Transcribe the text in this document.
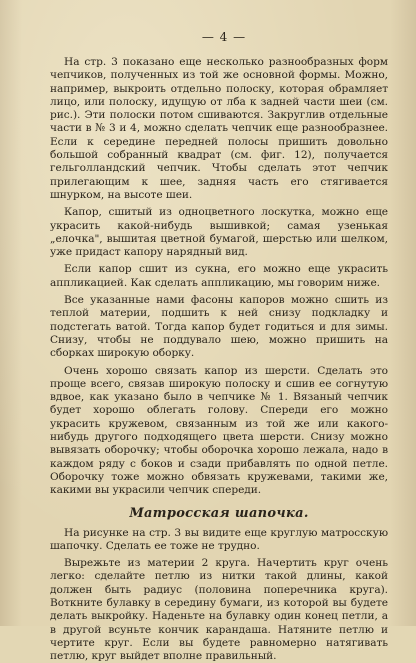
— 4 —

На стр. 3 показано еще несколько разнообразных форм чепчиков, полученных из той же основной формы. Можно, например, выкроить отдельно полоску, которая обрамляет лицо, или полоску, идущую от лба к задней части шеи (см. рис.). Эти полоски потом сшиваются. Закруглив отдельные части в № 3 и 4, можно сделать чепчик еще разнообразнее. Если к середине передней полосы пришить довольно большой собранный квадрат (см. фиг. 12), получается гельголландский чепчик. Чтобы сделать этот чепчик прилегающим к шее, задняя часть его стягивается шнурком, на высоте шеи.

Капор, сшитый из одноцветного лоскутка, можно еще украсить какой-нибудь вышивкой; самая узенькая „елочка", вышитая цветной бумагой, шерстью или шелком, уже придаст капору нарядный вид.

Если капор сшит из сукна, его можно еще украсить аппликацией. Как сделать аппликацию, мы говорим ниже.

Все указанные нами фасоны капоров можно сшить из теплой материи, подшить к ней снизу подкладку и подстегать ватой. Тогда капор будет годиться и для зимы. Снизу, чтобы не поддувало шею, можно пришить на сборках широкую оборку.

Очень хорошо связать капор из шерсти. Сделать это проще всего, связав широкую полоску и сшив ее согнутую вдвое, как указано было в чепчике № 1. Вязаный чепчик будет хорошо облегать голову. Спереди его можно украсить кружевом, связанным из той же или какого-нибудь другого подходящего цвета шерсти. Снизу можно вывязать оборочку; чтобы оборочка хорошо лежала, надо в каждом ряду с боков и сзади прибавлять по одной петле. Оборочку тоже можно обвязать кружевами, такими же, какими вы украсили чепчик спереди.

Матросская шапочка.

На рисунке на стр. 3 вы видите еще круглую матросскую шапочку. Сделать ее тоже не трудно.

Вырежьте из материи 2 круга. Начертить круг очень легко: сделайте петлю из нитки такой длины, какой должен быть радиус (половина поперечника круга). Воткните булавку в середину бумаги, из которой вы будете делать выкройку. Наденьте на булавку один конец петли, а в другой всуньте кончик карандаша. Натяните петлю и чертите круг. Если вы будете равномерно натягивать петлю, круг выйдет вполне правильный.
